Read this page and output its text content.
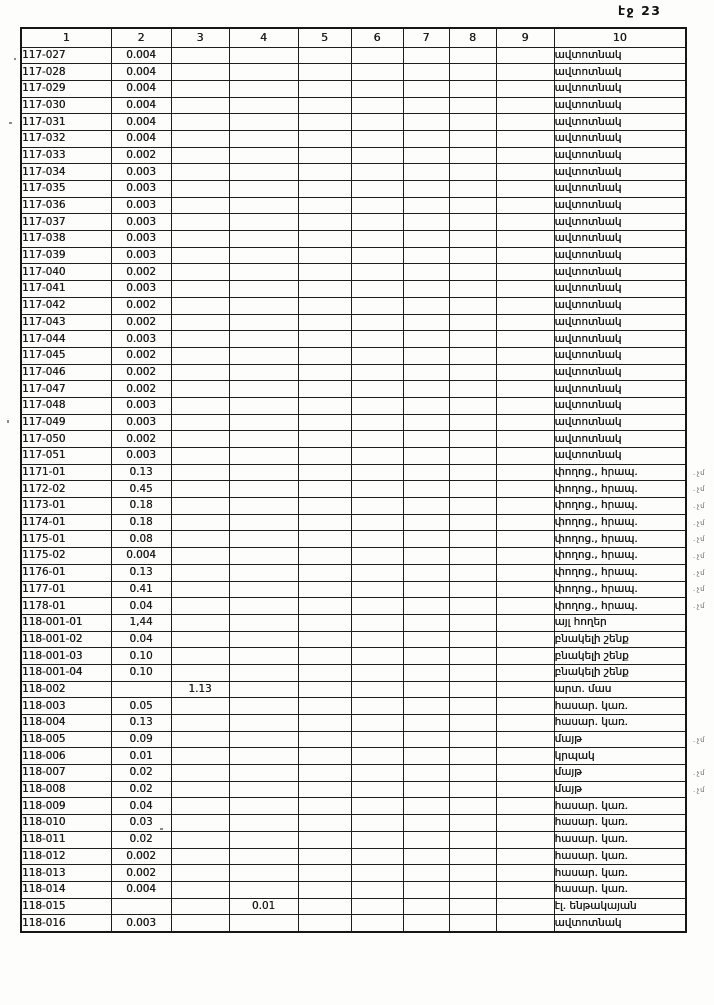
էջ 23
1	2	3	4	5	6	7	8	9	10
117-027	0.004								ավտոտնակ
117-028	0.004								ավտոտնակ
117-029	0.004								ավտոտնակ
117-030	0.004								ավտոտնակ
117-031	0.004								ավտոտնակ
117-032	0.004								ավտոտնակ
117-033	0.002								ավտոտնակ
117-034	0.003								ավտոտնակ
117-035	0.003								ավտոտնակ
117-036	0.003								ավտոտնակ
117-037	0.003								ավտոտնակ
117-038	0.003								ավտոտնակ
117-039	0.003								ավտոտնակ
117-040	0.002								ավտոտնակ
117-041	0.003								ավտոտնակ
117-042	0.002								ավտոտնակ
117-043	0.002								ավտոտնակ
117-044	0.003								ավտոտնակ
117-045	0.002								ավտոտնակ
117-046	0.002								ավտոտնակ
117-047	0.002								ավտոտնակ
117-048	0.003								ավտոտնակ
117-049	0.003								ավտոտնակ
117-050	0.002								ավտոտնակ
117-051	0.003								ավտոտնակ
1171-01	0.13								փողոց., հրապ.
1172-02	0.45								փողոց., հրապ.
1173-01	0.18								փողոց., հրապ.
1174-01	0.18								փողոց., հրապ.
1175-01	0.08								փողոց., հրապ.
1175-02	0.004								փողոց., հրապ.
1176-01	0.13								փողոց., հրապ.
1177-01	0.41								փողոց., հրապ.
1178-01	0.04								փողոց., հրապ.
118-001-01	1,44								այլ հողեր
118-001-02	0.04								բնակելի շենք
118-001-03	0.10								բնակելի շենք
118-001-04	0.10								բնակելի շենք
118-002		1.13							արտ. մաս
118-003	0.05								հասար. կառ.
118-004	0.13								հասար. կառ.
118-005	0.09								մայթ
118-006	0.01								կրպակ
118-007	0.02								մայթ
118-008	0.02								մայթ
118-009	0.04								հասար. կառ.
118-010	0.03								հասար. կառ.
118-011	0.02								հասար. կառ.
118-012	0.002								հասար. կառ.
118-013	0.002								հասար. կառ.
118-014	0.004								հասար. կառ.
118-015			0.01						էլ. ենթակայան
118-016	0.003								ավտոտնակ
. չմ
. չմ
. չմ
. չմ
. չմ
. չմ
. չմ
. չմ
. չմ
. չմ
. չմ
. չմ
